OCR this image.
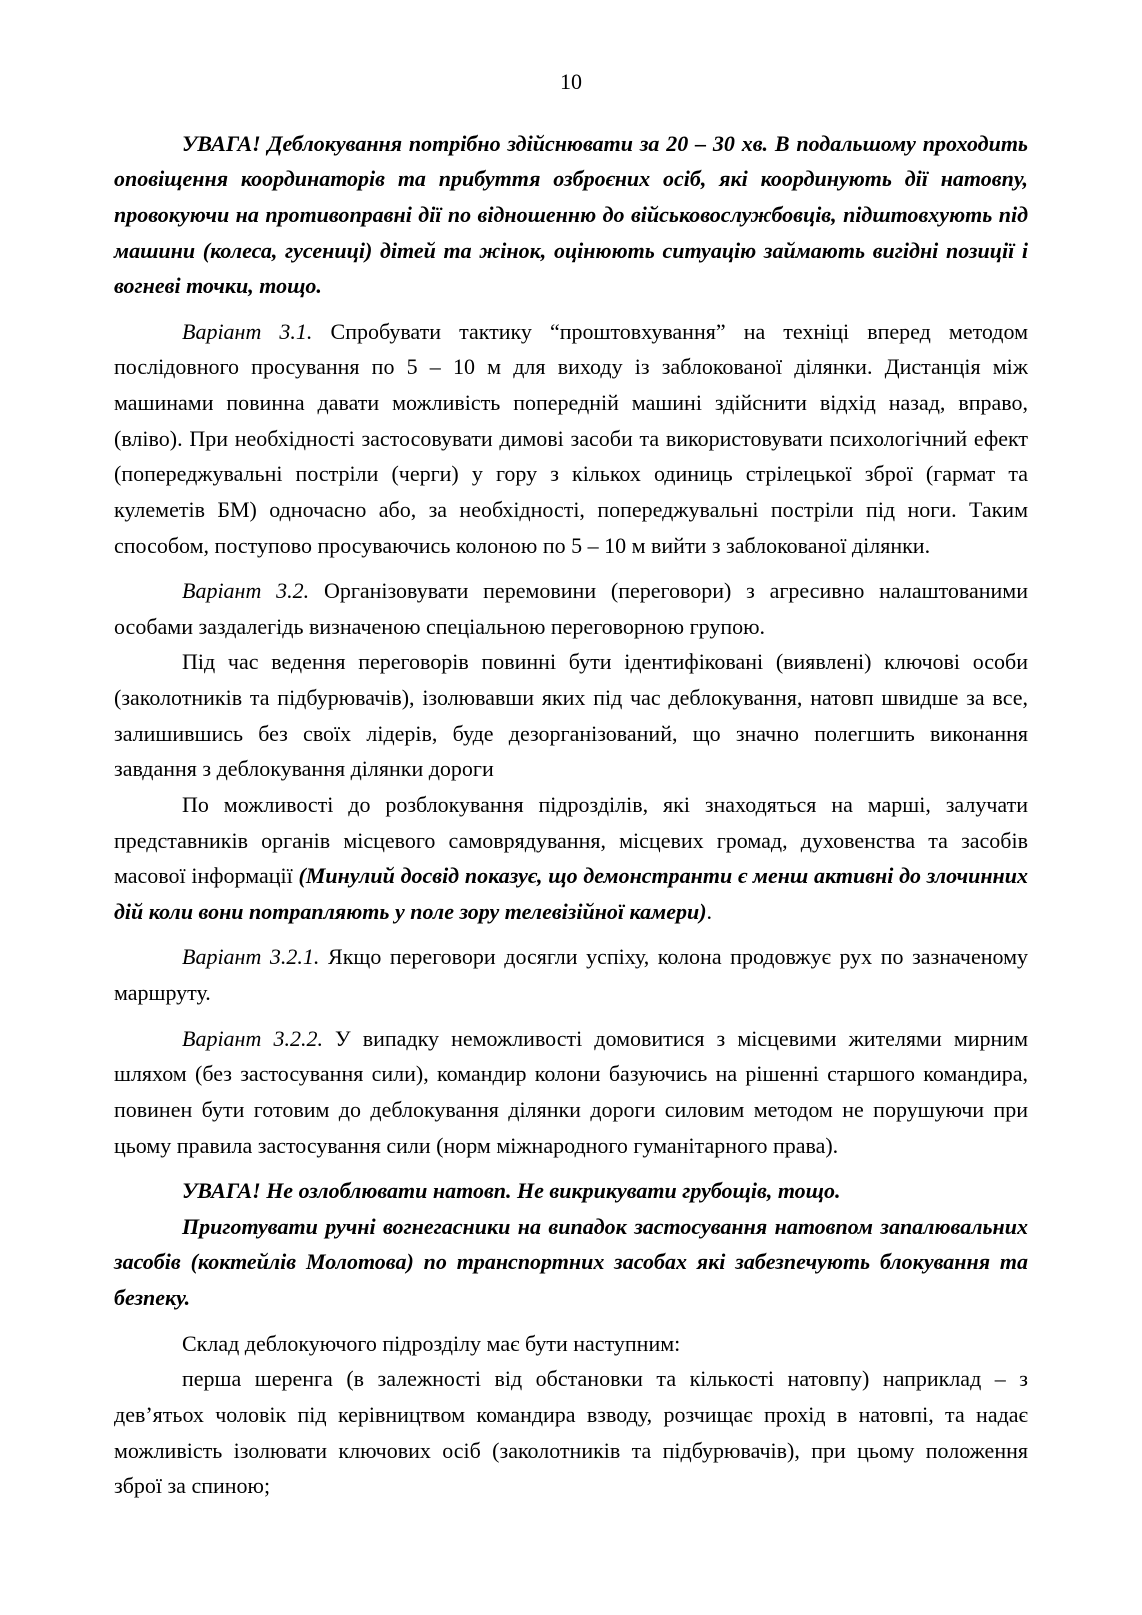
10

УВАГА! Деблокування потрібно здійснювати за 20 – 30 хв. В подальшому проходить оповіщення координаторів та прибуття озброєних осіб, які координують дії натовпу, провокуючи на противоправні дії по відношенню до військовослужбовців, підштовхують під машини (колеса, гусениці) дітей та жінок, оцінюють ситуацію займають вигідні позиції і вогневі точки, тощо.

Варіант 3.1. Спробувати тактику “проштовхування” на техніці вперед методом послідовного просування по 5 – 10 м для виходу із заблокованої ділянки. Дистанція між машинами повинна давати можливість попередній машині здійснити відхід назад, вправо, (вліво). При необхідності застосовувати димові засоби та використовувати психологічний ефект (попереджувальні постріли (черги) у гору з кількох одиниць стрілецької зброї (гармат та кулеметів БМ) одночасно або, за необхідності, попереджувальні постріли під ноги. Таким способом, поступово просуваючись колоною по 5 – 10 м вийти з заблокованої ділянки.

Варіант 3.2. Організовувати перемовини (переговори) з агресивно налаштованими особами заздалегідь визначеною спеціальною переговорною групою.

Під час ведення переговорів повинні бути ідентифіковані (виявлені) ключові особи (заколотників та підбурювачів), ізолювавши яких під час деблокування, натовп швидше за все, залишившись без своїх лідерів, буде дезорганізований, що значно полегшить виконання завдання з деблокування ділянки дороги

По можливості до розблокування підрозділів, які знаходяться на марші, залучати представників органів місцевого самоврядування, місцевих громад, духовенства та засобів масової інформації (Минулий досвід показує, що демонстранти є менш активні до злочинних дій коли вони потрапляють у поле зору телевізійної камери).

Варіант 3.2.1. Якщо переговори досягли успіху, колона продовжує рух по зазначеному маршруту.

Варіант 3.2.2. У випадку неможливості домовитися з місцевими жителями мирним шляхом (без застосування сили), командир колони базуючись на рішенні старшого командира, повинен бути готовим до деблокування ділянки дороги силовим методом не порушуючи при цьому правила застосування сили (норм міжнародного гуманітарного права).

УВАГА! Не озлоблювати натовп. Не викрикувати грубощів, тощо.

Приготувати ручні вогнегасники на випадок застосування натовпом запалювальних засобів (коктейлів Молотова) по транспортних засобах які забезпечують блокування та безпеку.

Склад деблокуючого підрозділу має бути наступним:

перша шеренга (в залежності від обстановки та кількості натовпу) наприклад – з дев’ятьох чоловік під керівництвом командира взводу, розчищає прохід в натовпі, та надає можливість ізолювати ключових осіб (заколотників та підбурювачів), при цьому положення зброї за спиною;
